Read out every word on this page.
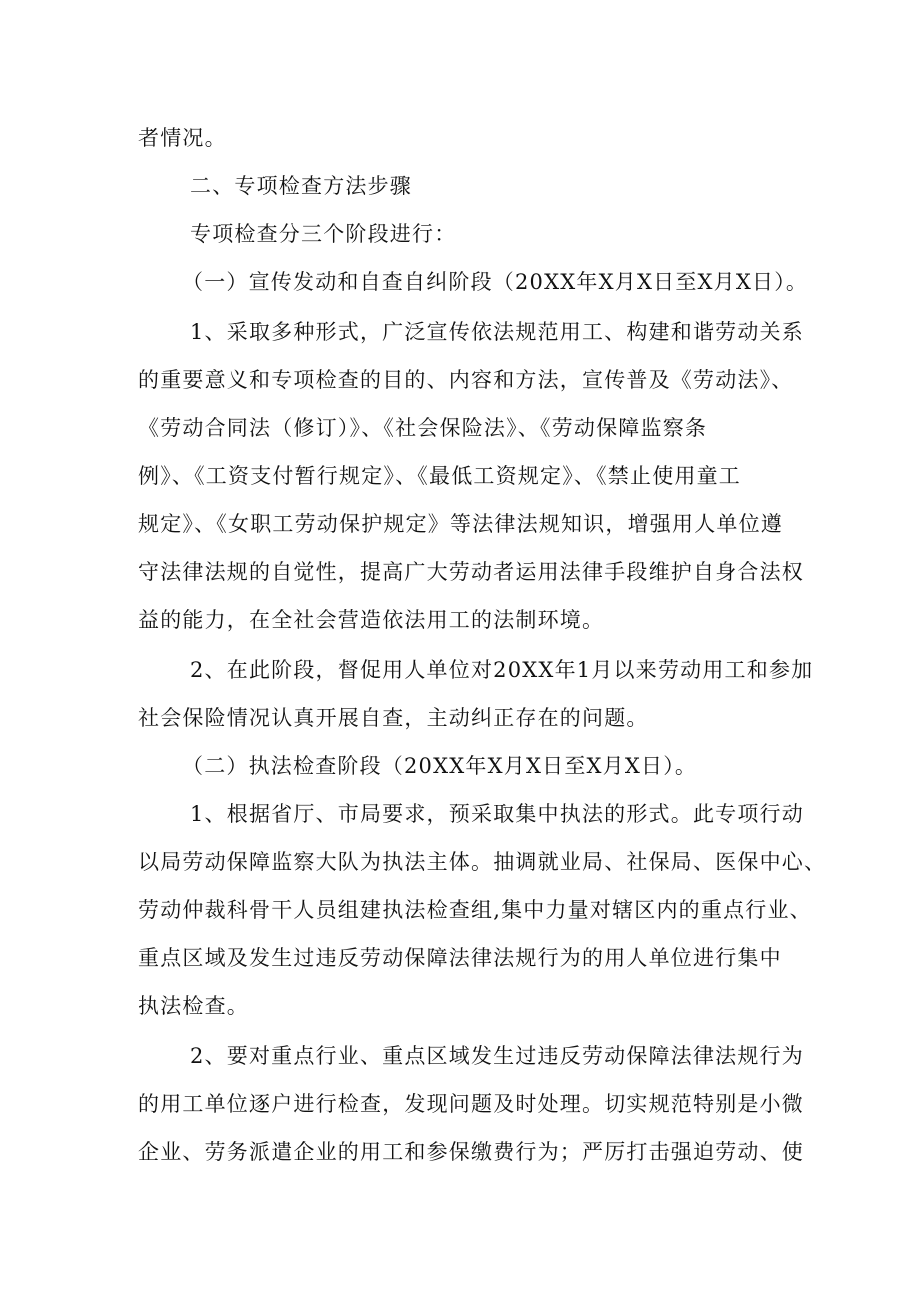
者情况。
二、专项检查方法步骤
专项检查分三个阶段进行：
（一）宣传发动和自查自纠阶段（20XX年X月X日至X月X日）。
1、采取多种形式，广泛宣传依法规范用工、构建和谐劳动关系
的重要意义和专项检查的目的、内容和方法，宣传普及《劳动法》、
《劳动合同法（修订）》、《社会保险法》、《劳动保障监察条
例》、《工资支付暂行规定》、《最低工资规定》、《禁止使用童工
规定》、《女职工劳动保护规定》等法律法规知识，增强用人单位遵
守法律法规的自觉性，提高广大劳动者运用法律手段维护自身合法权
益的能力，在全社会营造依法用工的法制环境。
2、在此阶段，督促用人单位对20XX年1月以来劳动用工和参加
社会保险情况认真开展自查，主动纠正存在的问题。
（二）执法检查阶段（20XX年X月X日至X月X日）。
1、根据省厅、市局要求，预采取集中执法的形式。此专项行动
以局劳动保障监察大队为执法主体。抽调就业局、社保局、医保中心、
劳动仲裁科骨干人员组建执法检查组,集中力量对辖区内的重点行业、
重点区域及发生过违反劳动保障法律法规行为的用人单位进行集中
执法检查。
2、要对重点行业、重点区域发生过违反劳动保障法律法规行为
的用工单位逐户进行检查，发现问题及时处理。切实规范特别是小微
企业、劳务派遣企业的用工和参保缴费行为；严厉打击强迫劳动、使
